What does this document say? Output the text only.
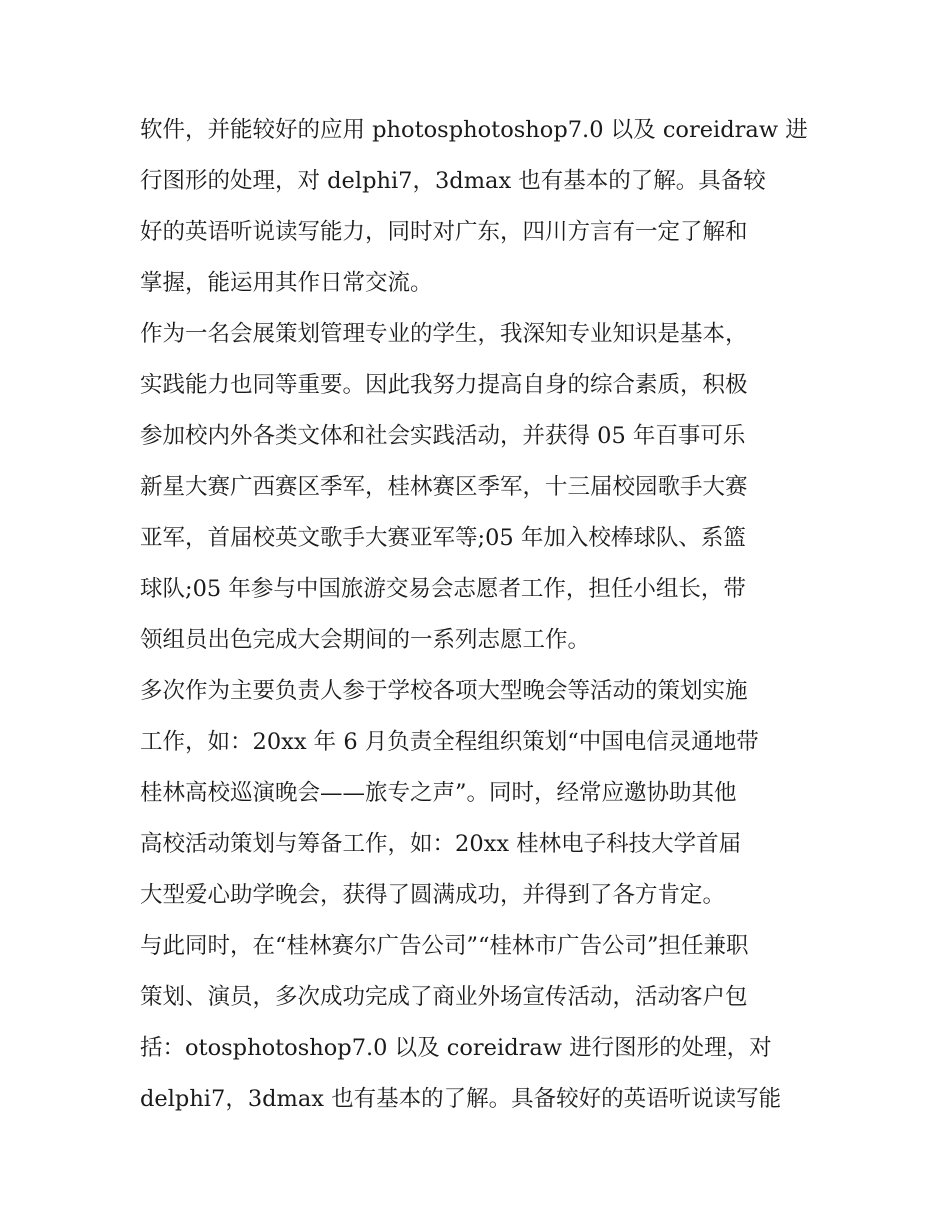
软件，并能较好的应用 photosphotoshop7.0 以及 coreidraw 进
行图形的处理，对 delphi7，3dmax 也有基本的了解。具备较
好的英语听说读写能力，同时对广东，四川方言有一定了解和
掌握，能运用其作日常交流。
作为一名会展策划管理专业的学生，我深知专业知识是基本，
实践能力也同等重要。因此我努力提高自身的综合素质，积极
参加校内外各类文体和社会实践活动，并获得 05 年百事可乐
新星大赛广西赛区季军，桂林赛区季军，十三届校园歌手大赛
亚军，首届校英文歌手大赛亚军等;05 年加入校棒球队、系篮
球队;05 年参与中国旅游交易会志愿者工作，担任小组长，带
领组员出色完成大会期间的一系列志愿工作。
多次作为主要负责人参于学校各项大型晚会等活动的策划实施
工作，如：20xx 年 6 月负责全程组织策划“中国电信灵通地带
桂林高校巡演晚会——旅专之声”。同时，经常应邀协助其他
高校活动策划与筹备工作，如：20xx 桂林电子科技大学首届
大型爱心助学晚会，获得了圆满成功，并得到了各方肯定。
与此同时，在“桂林赛尔广告公司”“桂林市广告公司”担任兼职
策划、演员，多次成功完成了商业外场宣传活动，活动客户包
括：otosphotoshop7.0 以及 coreidraw 进行图形的处理，对
delphi7，3dmax 也有基本的了解。具备较好的英语听说读写能
